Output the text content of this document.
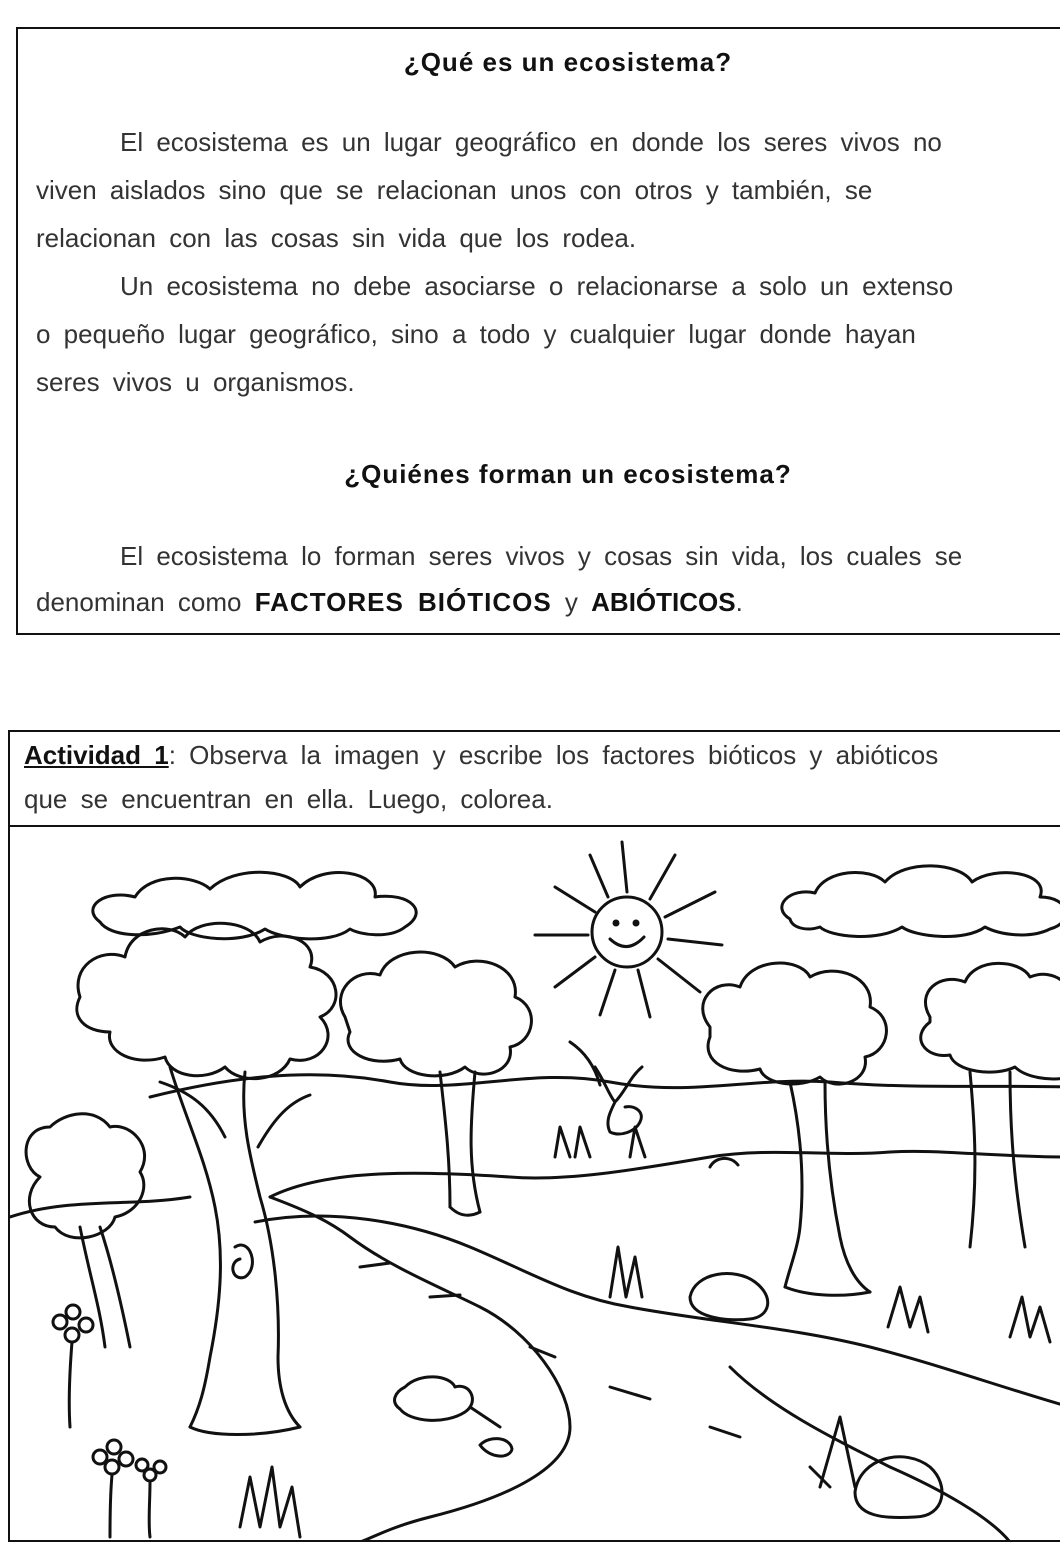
¿Qué es un ecosistema?
El ecosistema es un lugar geográfico en donde los seres vivos no
viven aislados sino que se relacionan unos con otros y también, se
relacionan con las cosas sin vida que los rodea.
Un ecosistema no debe asociarse o relacionarse a solo un extenso
o pequeño lugar geográfico, sino a todo y cualquier lugar donde hayan
seres vivos u organismos.
¿Quiénes forman un ecosistema?
El ecosistema lo forman seres vivos y cosas sin vida, los cuales se
denominan como FACTORES BIÓTICOS y ABIÓTICOS.
Actividad 1: Observa la imagen y escribe los factores bióticos y abióticos
que se encuentran en ella. Luego, colorea.
